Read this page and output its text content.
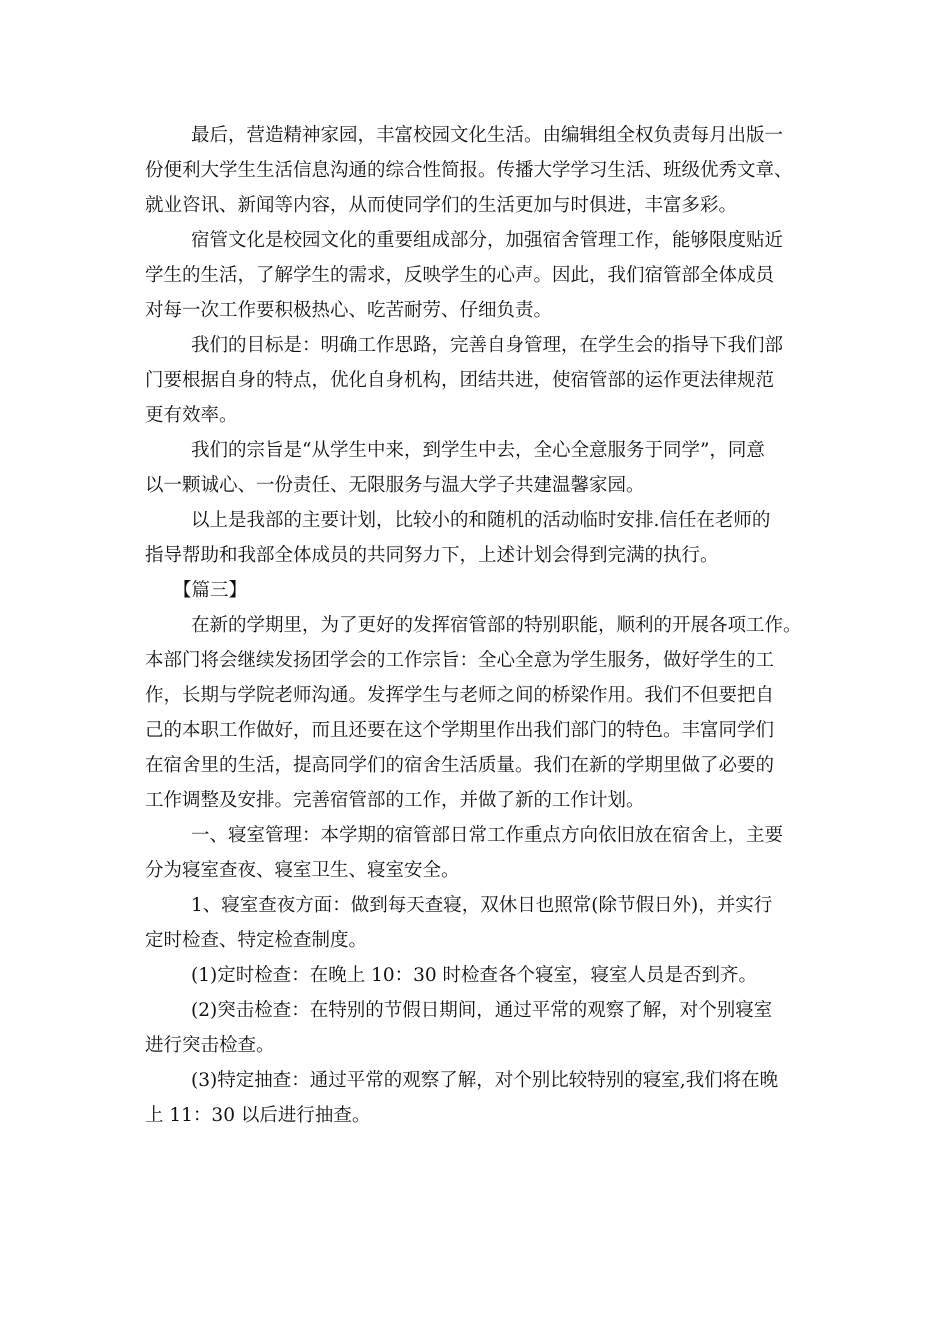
最后，营造精神家园，丰富校园文化生活。由编辑组全权负责每月出版一
份便利大学生生活信息沟通的综合性简报。传播大学学习生活、班级优秀文章、
就业咨讯、新闻等内容，从而使同学们的生活更加与时俱进，丰富多彩。
宿管文化是校园文化的重要组成部分，加强宿舍管理工作，能够限度贴近
学生的生活，了解学生的需求，反映学生的心声。因此，我们宿管部全体成员
对每一次工作要积极热心、吃苦耐劳、仔细负责。
我们的目标是：明确工作思路，完善自身管理，在学生会的指导下我们部
门要根据自身的特点，优化自身机构，团结共进，使宿管部的运作更法律规范
更有效率。
我们的宗旨是“从学生中来，到学生中去，全心全意服务于同学”，同意
以一颗诚心、一份责任、无限服务与温大学子共建温馨家园。
以上是我部的主要计划，比较小的和随机的活动临时安排.信任在老师的
指导帮助和我部全体成员的共同努力下，上述计划会得到完满的执行。
【篇三】
在新的学期里，为了更好的发挥宿管部的特别职能，顺利的开展各项工作。
本部门将会继续发扬团学会的工作宗旨：全心全意为学生服务，做好学生的工
作，长期与学院老师沟通。发挥学生与老师之间的桥梁作用。我们不但要把自
己的本职工作做好，而且还要在这个学期里作出我们部门的特色。丰富同学们
在宿舍里的生活，提高同学们的宿舍生活质量。我们在新的学期里做了必要的
工作调整及安排。完善宿管部的工作，并做了新的工作计划。
一、寝室管理：本学期的宿管部日常工作重点方向依旧放在宿舍上，主要
分为寝室查夜、寝室卫生、寝室安全。
1、寝室查夜方面：做到每天查寝，双休日也照常(除节假日外)，并实行
定时检查、特定检查制度。
(1)定时检查：在晚上 10：30 时检查各个寝室，寝室人员是否到齐。
(2)突击检查：在特别的节假日期间，通过平常的观察了解，对个别寝室
进行突击检查。
(3)特定抽查：通过平常的观察了解，对个别比较特别的寝室,我们将在晚
上 11：30 以后进行抽查。
